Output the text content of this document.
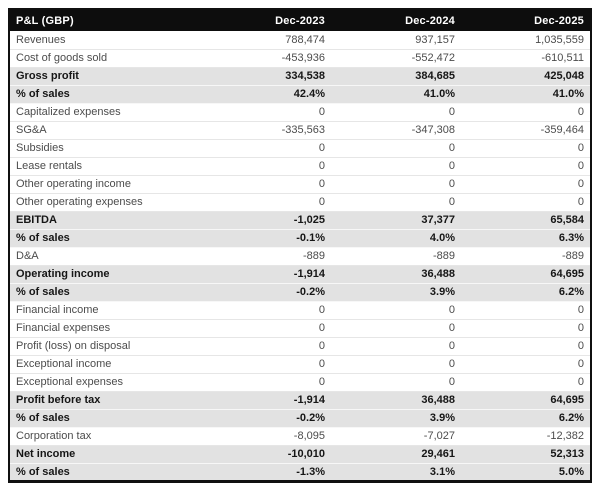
P&L (GBP)	Dec-2023	Dec-2024	Dec-2025
Revenues	788,474	937,157	1,035,559
Cost of goods sold	-453,936	-552,472	-610,511
Gross profit	334,538	384,685	425,048
% of sales	42.4%	41.0%	41.0%
Capitalized expenses	0	0	0
SG&A	-335,563	-347,308	-359,464
Subsidies	0	0	0
Lease rentals	0	0	0
Other operating income	0	0	0
Other operating expenses	0	0	0
EBITDA	-1,025	37,377	65,584
% of sales	-0.1%	4.0%	6.3%
D&A	-889	-889	-889
Operating income	-1,914	36,488	64,695
% of sales	-0.2%	3.9%	6.2%
Financial income	0	0	0
Financial expenses	0	0	0
Profit (loss) on disposal	0	0	0
Exceptional income	0	0	0
Exceptional expenses	0	0	0
Profit before tax	-1,914	36,488	64,695
% of sales	-0.2%	3.9%	6.2%
Corporation tax	-8,095	-7,027	-12,382
Net income	-10,010	29,461	52,313
% of sales	-1.3%	3.1%	5.0%
